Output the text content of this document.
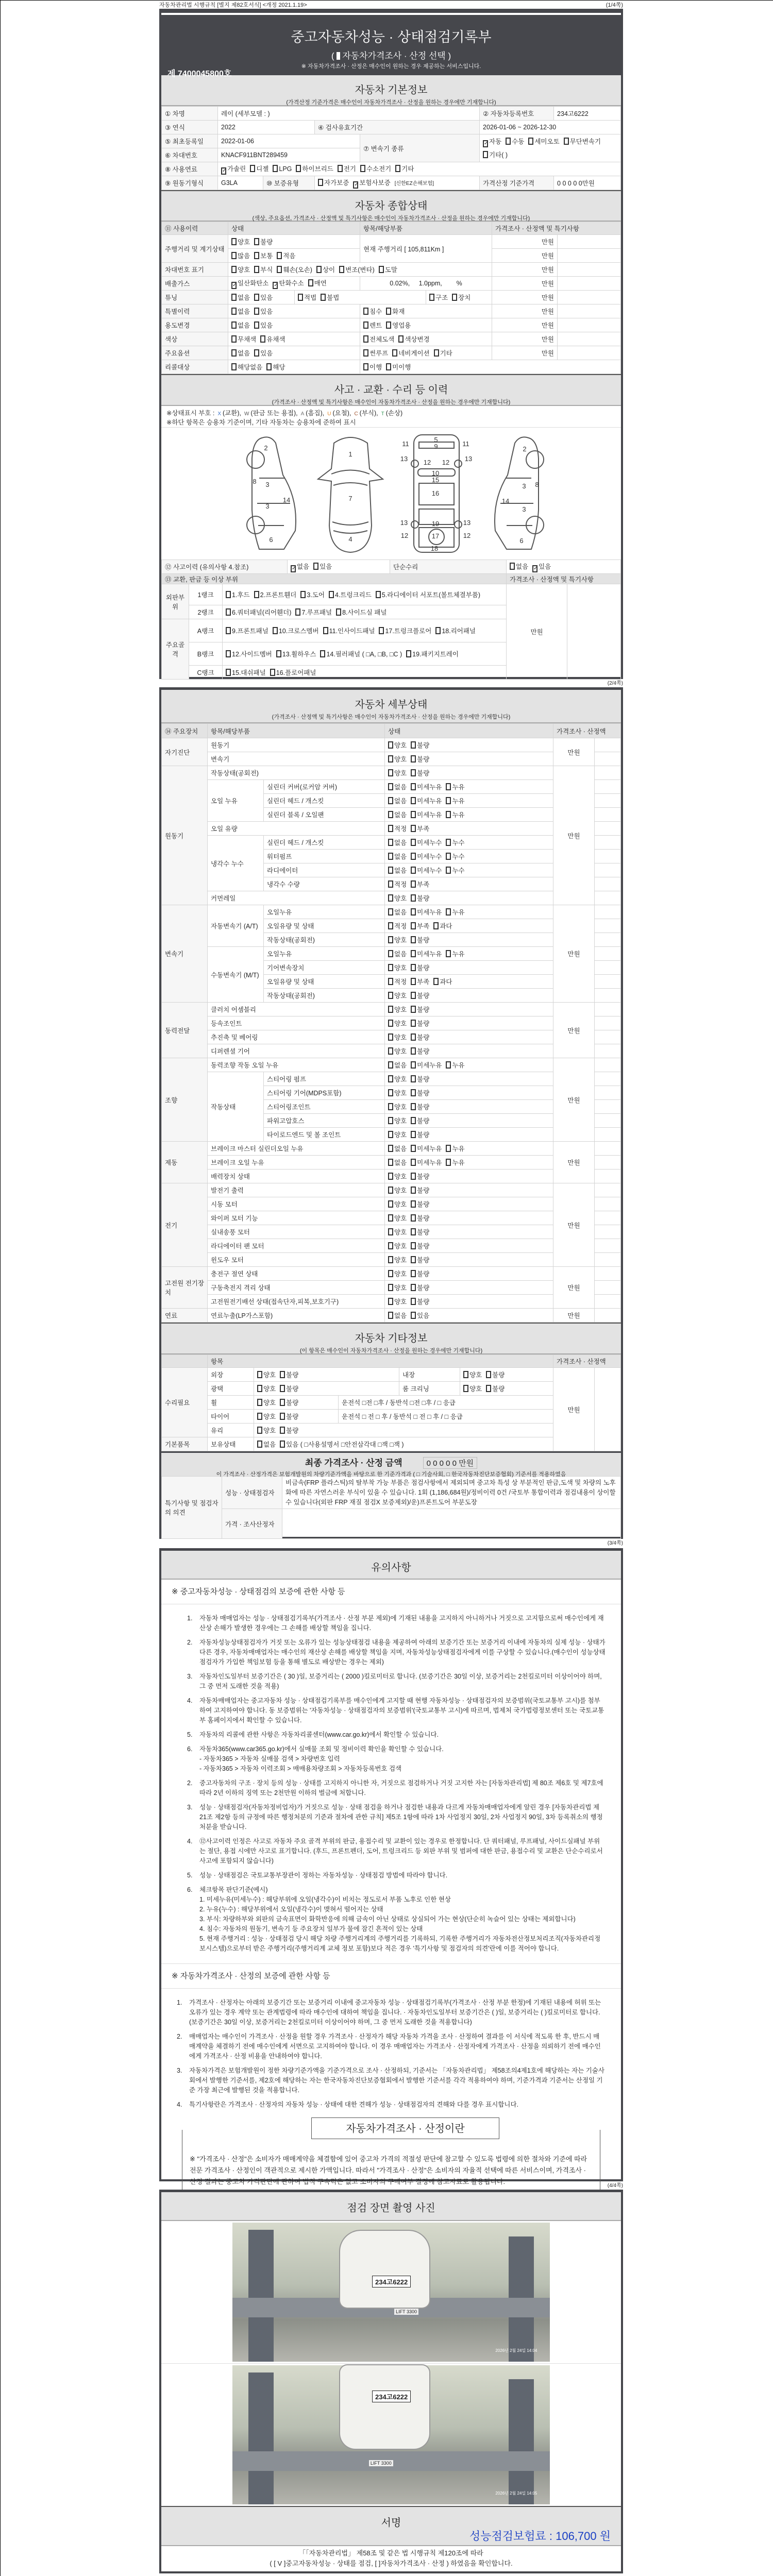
자동차관리법 시행규칙 [별지 제82호서식] <개정 2021.1.19>	(1/4쪽)
중고자동차성능 · 상태점검기록부
( 자동차가격조사 · 산정 선택 )
※ 자동차가격조사 · 산정은 매수인이 원하는 경우 제공하는 서비스입니다.
제 7400045800호
자동차 기본정보
(가격산정 기준가격은 매수인이 자동차가격조사 · 산정을 원하는 경우에만 기재합니다)
① 차명	레이 (세부모델 : )				② 자동차등록번호	234고6222
③ 연식	2022		④ 검사유효기간		2026-01-06 ~ 2026-12-30	
⑤ 최초등록일	2022-01-06			⑦ 변속기 종류	✓ 자동 수동 세미오토 무단변속기기타( )	
⑥ 차대번호	KNACF911BNT289459					
⑧ 사용연료	✓ 가솔린 디젤 LPG 하이브리드 전기 수소전기 기타					
⑨ 원동기형식	G3LA	⑩ 보증유형	자가보증 ✓ 보험사보증 [신한EZ손해보험]		가격산정 기준가격	0 0 0 0 0만원
자동차 종합상태
(색상, 주요옵션, 가격조사 · 산정액 및 특기사항은 매수인이 자동차가격조사 · 산정을 원하는 경우에만 기재합니다)
⑪ 사용이력	상태		항목/해당부품		가격조사 · 산정액 및 특기사항	
주행거리 및 계기상태	양호 불량		현재 주행거리 [ 105,811Km ]		만원	
	많음 보통 적음				만원	
차대번호 표기	양호 부식 훼손(오손) 상이 변조(변타) 도말				만원	
배출가스	✓ 일산화탄소 ✓ 탄화수소 매연		0.02%, 1.0ppm, %		만원	
튜닝	없음 있음	적법 불법		구조 장치	만원	
특별이력	없음 있음		침수 화재		만원	
용도변경	없음 있음		렌트 영업용		만원	
색상	무채색 유채색		전체도색 색상변경		만원	
주요옵션	없음 있음		썬루프 네비게이션 기타		만원	
리콜대상	해당없음 해당		이행 미이행			
사고 · 교환 · 수리 등 이력
(가격조사 · 산정액 및 특기사항은 매수인이 자동차가격조사 · 산정을 원하는 경우에만 기재합니다)
※상태표시 부호 : X (교환), W (판금 또는 용접), A (흠집), U (요철), C (부식), T (손상)
※하단 항목은 승용차 기준이며, 기타 자동차는 승용차에 준하여 표시
2
8 3
3
14
6
1
7
4
5
9
11	11
13	13
12 12
10
15
16
13	19	13
12	17	12
18
2
3 8
14
3
6
⑫ 사고이력 (유의사항 4.참조)			✓ 없음 있음	단순수리	없음 ✓ 있음	
⑬ 교환, 판금 등 이상 부위					가격조사 · 산정액 및 특기사항	
외판부위	1랭크	1.후드 2.프론트휀더 3.도어 4.트렁크리드 5.라디에이터 서포트(볼트체결부품)			만원	
	2랭크	6.쿼터패널(리어휀더) 7.루프패널 8.사이드실 패널				
주요골격	A랭크	9.프론트패널 10.크로스멤버 11.인사이드패널 17.트렁크플로어 18.리어패널				
	B랭크	12.사이드멤버 13.휠하우스 14.필러패널 ( □A, □B, □C ) 19.패키지트레이				
	C랭크	15.대쉬패널 16.플로어패널				
(2/4쪽)
자동차 세부상태
(가격조사 · 산정액 및 특기사항은 매수인이 자동차가격조사 · 산정을 원하는 경우에만 기재합니다)
⑭ 주요장치	항목/해당부품		상태	가격조사 · 산정액	
자기진단	원동기		양호 불량	만원	
	변속기		양호 불량		
원동기	작동상태(공회전)		양호 불량	만원	
	오일 누유	실린더 커버(로커암 커버)	없음 미세누유 누유		
		실린더 헤드 / 개스킷	없음 미세누유 누유		
		실린더 블록 / 오일팬	없음 미세누유 누유		
	오일 유량		적정 부족		
	냉각수 누수	실린더 헤드 / 개스킷	없음 미세누수 누수		
		워터펌프	없음 미세누수 누수		
		라디에이터	없음 미세누수 누수		
		냉각수 수량	적정 부족		
	커먼레일		양호 불량		
변속기	자동변속기 (A/T)	오일누유	없음 미세누유 누유	만원	
		오일유량 및 상태	적정 부족 과다		
		작동상태(공회전)	양호 불량		
	수동변속기 (M/T)	오일누유	없음 미세누유 누유		
		기어변속장치	양호 불량		
		오일유량 및 상태	적정 부족 과다		
		작동상태(공회전)	양호 불량		
동력전달	클러치 어셈블리		양호 불량	만원	
	등속조인트		양호 불량		
	추진축 및 베어링		양호 불량		
	디퍼렌셜 기어		양호 불량		
조향	동력조향 작동 오일 누유		없음 미세누유 누유	만원	
	작동상태	스티어링 펌프	양호 불량		
		스티어링 기어(MDPS포함)	양호 불량		
		스티어링조인트	양호 불량		
		파워고압호스	양호 불량		
		타이로드엔드 및 볼 조인트	양호 불량		
제동	브레이크 마스터 실린더오일 누유		없음 미세누유 누유	만원	
	브레이크 오일 누유		없음 미세누유 누유		
	배력장치 상태		양호 불량		
전기	발전기 출력		양호 불량	만원	
	시동 모터		양호 불량		
	와이퍼 모터 기능		양호 불량		
	실내송풍 모터		양호 불량		
	라디에이터 팬 모터		양호 불량		
	윈도우 모터		양호 불량		
고전원 전기장치	충전구 절연 상태		양호 불량	만원	
	구동축전지 격리 상태		양호 불량		
	고전원전기배선 상태(접속단자,피복,보호기구)		양호 불량		
연료	연료누출(LP가스포함)		없음 있음	만원	
자동차 기타정보
(이 항목은 매수인이 자동차가격조사 · 산정을 원하는 경우에만 기재합니다)
	항목					가격조사 · 산정액	
수리필요	외장	양호 불량		내장	양호 불량	만원	
	광택	양호 불량		룸 크리닝	양호 불량		
	휠	양호 불량	운전석 □전 □후 / 동반석 □전 □후 / □ 응급				
	타이어	양호 불량	운전석 □ 전 □ 후 / 동반석 □ 전 □ 후 / □ 응급				
	유리	양호 불량					
기본품목	보유상태	없음 있음 ( □사용설명서 □안전삼각대 □잭 □잭 )					
최종 가격조사 · 산정 금액	0 0 0 0 0 만원
이 가격조사 · 산정가격은 보험개발원의 차량기준가액을 바탕으로 한 기준가격과 ( □ 기술사회, □ 한국자동차진단보증협회) 기준서를 적용하였음
특기사항 및 점검자의 의견	성능 · 상태점검자	비금속(FRP 플라스틱)의 탈부착 가능 부품은 점검사항에서 제외되며 중고차 특성 상 부분적인 판금,도색 및 차량의 노후화에 따른 자연스러운 부식이 있을 수 있습니다. 1회 (1,186,684원)/정비이력 0건 /국토부 통합이력과 점검내용이 상이할 수 있습니다(외판 FRP 재질 점검X 보증제외)/운)프론트도어 부분도장
	가격 · 조사산정자	
(3/4쪽)
유의사항
※ 중고자동차성능 · 상태점검의 보증에 관한 사항 등
1.	자동차 매매업자는 성능 · 상태점검기록부(가격조사 · 산정 부분 제외)에 기재된 내용을 고지하지 아니하거나 거짓으로 고지함으로써 매수인에게 재산상 손해가 발생한 경우에는 그 손해를 배상할 책임을 집니다.
2.	자동차성능상태점검자가 거짓 또는 오류가 있는 성능상태점검 내용을 제공하여 아래의 보증기간 또는 보증거리 이내에 자동차의 실제 성능 · 상태가 다른 경우, 자동차매매업자는 매수인의 재산상 손해를 배상할 책임을 지며, 자동차성능상태점검자에게 이를 구상할 수 있습니다.(매수인이 성능상태점검자가 가입한 책임보험 등을 통해 별도로 배상받는 경우는 제외)
3.	자동차인도일부터 보증기간은 ( 30 )일, 보증거리는 ( 2000 )킬로미터로 합니다. (보증기간은 30일 이상, 보증거리는 2천킬로미터 이상이어야 하며, 그 중 먼저 도래한 것을 적용)
4.	자동차매매업자는 중고자동차 성능 · 상태점검기록부를 매수인에게 고지할 때 현행 자동차성능 · 상태점검자의 보증범위(국토교통부 고시)를 첨부하여 고지하여야 합니다. 동 보증범위는 '자동차성능 · 상태점검자의 보증범위'(국토교통부 고시)에 따르며, 법제처 국가법령정보센터 또는 국토교통부 홈페이지에서 확인할 수 있습니다.
5.	자동차의 리콜에 관한 사항은 자동차리콜센터(www.car.go.kr)에서 확인할 수 있습니다.
6.	자동차365(www.car365.go.kr)에서 실매물 조회 및 정비이력 확인을 확인할 수 있습니다.
- 자동차365 > 자동차 실매물 검색 > 차량번호 입력
- 자동차365 > 자동차 이력조회 > 매매용차량조회 > 자동차등록번호 검색
2.	중고자동차의 구조 · 장치 등의 성능 · 상태를 고지하지 아니한 자, 거짓으로 점검하거나 거짓 고지한 자는 [자동차관리법] 제 80조 제6호 및 제7호에 따라 2년 이하의 징역 또는 2천만원 이하의 벌금에 처합니다.
3.	성능 · 상태점검자(자동차정비업자)가 거짓으로 성능 · 상태 점검을 하거나 점검한 내용과 다르게 자동차매매업자에게 알린 경우 [자동차관리법 제21조 제2항 등의 규정에 따른 행정처분의 기준과 절차에 관한 규칙] 제5조 1항에 따라 1차 사업정지 30일, 2차 사업정지 90일, 3차 등록취소의 행정처분을 받습니다.
4.	⑫사고이력 인정은 사고로 자동차 주요 골격 부위의 판금, 용접수리 및 교환이 있는 경우로 한정합니다. 단 쿼터패널, 루프패널, 사이드실패널 부위는 절단, 용접 시에만 사고로 표기합니다. (후드, 프론트펜더, 도어, 트렁크리드 등 외판 부위 및 범퍼에 대한 판금, 용접수리 및 교환은 단순수리로서 사고에 포함되지 않습니다)
5.	성능 · 상태점검은 국토교통부장관이 정하는 자동차성능 · 상태점검 방법에 따라야 합니다.
6.	체크항목 판단기준(예시)
1. 미세누유(미세누수) : 해당부위에 오일(냉각수)이 비치는 정도로서 부품 노후로 인한 현상
2. 누유(누수) : 해당부위에서 오일(냉각수)이 맺혀서 떨어지는 상태
3. 부식: 차량하부와 외판의 금속표면이 화학반응에 의해 금속이 아닌 상태로 상실되어 가는 현상(단순히 녹슬어 있는 상태는 제외합니다)
4. 침수: 자동차의 원동기, 변속기 등 주요장치 일부가 물에 잠긴 흔적이 있는 상태
5. 현재 주행거리 : 성능 · 상태점검 당시 해당 차량 주행거리계의 주행거리를 기록하되, 기록한 주행거리가 자동차전산정보처리조직(자동차관리정보시스템)으로부터 받은 주행거리(주행거리계 교체 정보 포함)보다 적은 경우 '특기사항 및 점검자의 의견'란에 이를 적어야 합니다.
※ 자동차가격조사 · 산정의 보증에 관한 사항 등
1.	가격조사 · 산정자는 아래의 보증기간 또는 보증거리 이내에 중고자동차 성능 · 상태점검기록부(가격조사 · 산정 부분 한정)에 기재된 내용에 허위 또는 오류가 있는 경우 계약 또는 관계법령에 따라 매수인에 대하여 책임을 집니다. · 자동차인도일부터 보증기간은 ( )일, 보증거리는 ( )킬로미터로 합니다. (보증기간은 30일 이상, 보증거리는 2천킬로미터 이상이어야 하며, 그 중 먼저 도래한 것을 적용합니다)
2.	매매업자는 매수인이 가격조사 · 산정을 원할 경우 가격조사 · 산정자가 해당 자동차 가격을 조사 · 산정하여 결과를 이 서식에 적도록 한 후, 반드시 매매계약을 체결하기 전에 매수인에게 서면으로 고지하여야 합니다. 이 경우 매매업자는 가격조사 · 산정자에게 가격조사 · 산정을 의뢰하기 전에 매수인에게 가격조사 · 산정 비용을 안내하여야 합니다.
3.	자동차가격은 보험개발원이 정한 차량기준가액을 기준가격으로 조사 · 산정하되, 기준서는 「자동차관리법」 제58조의4제1호에 해당하는 자는 기술사회에서 발행한 기준서를, 제2호에 해당하는 자는 한국자동차진단보증협회에서 발행한 기준서를 각각 적용하여야 하며, 기준가격과 기준서는 산정일 기준 가장 최근에 발행된 것을 적용합니다.
4.	특기사항란은 가격조사 · 산정자의 자동차 성능 · 상태에 대한 견해가 성능 · 상태점검자의 견해와 다를 경우 표시합니다.
자동차가격조사 · 산정이란
※ "가격조사 · 산정"은 소비자가 매매계약을 체결함에 있어 중고차 가격의 적절성 판단에 참고할 수 있도록 법령에 의한 절차와 기준에 따라 전문 가격조사 · 산정인이 객관적으로 제시한 가액입니다. 따라서 "가격조사 · 산정"은 소비자의 자율적 선택에 따른 서비스이며, 가격조사 · 산정 결과는 중고차 가격판단에 관하여 법적 구속력은 없고 소비자의 구매여부 결정에 참고자료로 활용됩니다.
(4/4쪽)
점검 장면 촬영 사진
234고6222
2026년 2월 24일 14:04
LIFT 3300
234고6222
2026년 2월 24일 14:05
LIFT 3300
서명
성능점검보험료 : 106,700 원
「「자동차관리법」 제58조 및 같은 법 시행규칙 제120조에 따라
( [ V ]중고자동차성능 · 상태를 점검, [ ]자동차가격조사 · 산정 ) 하였음을 확인합니다.
